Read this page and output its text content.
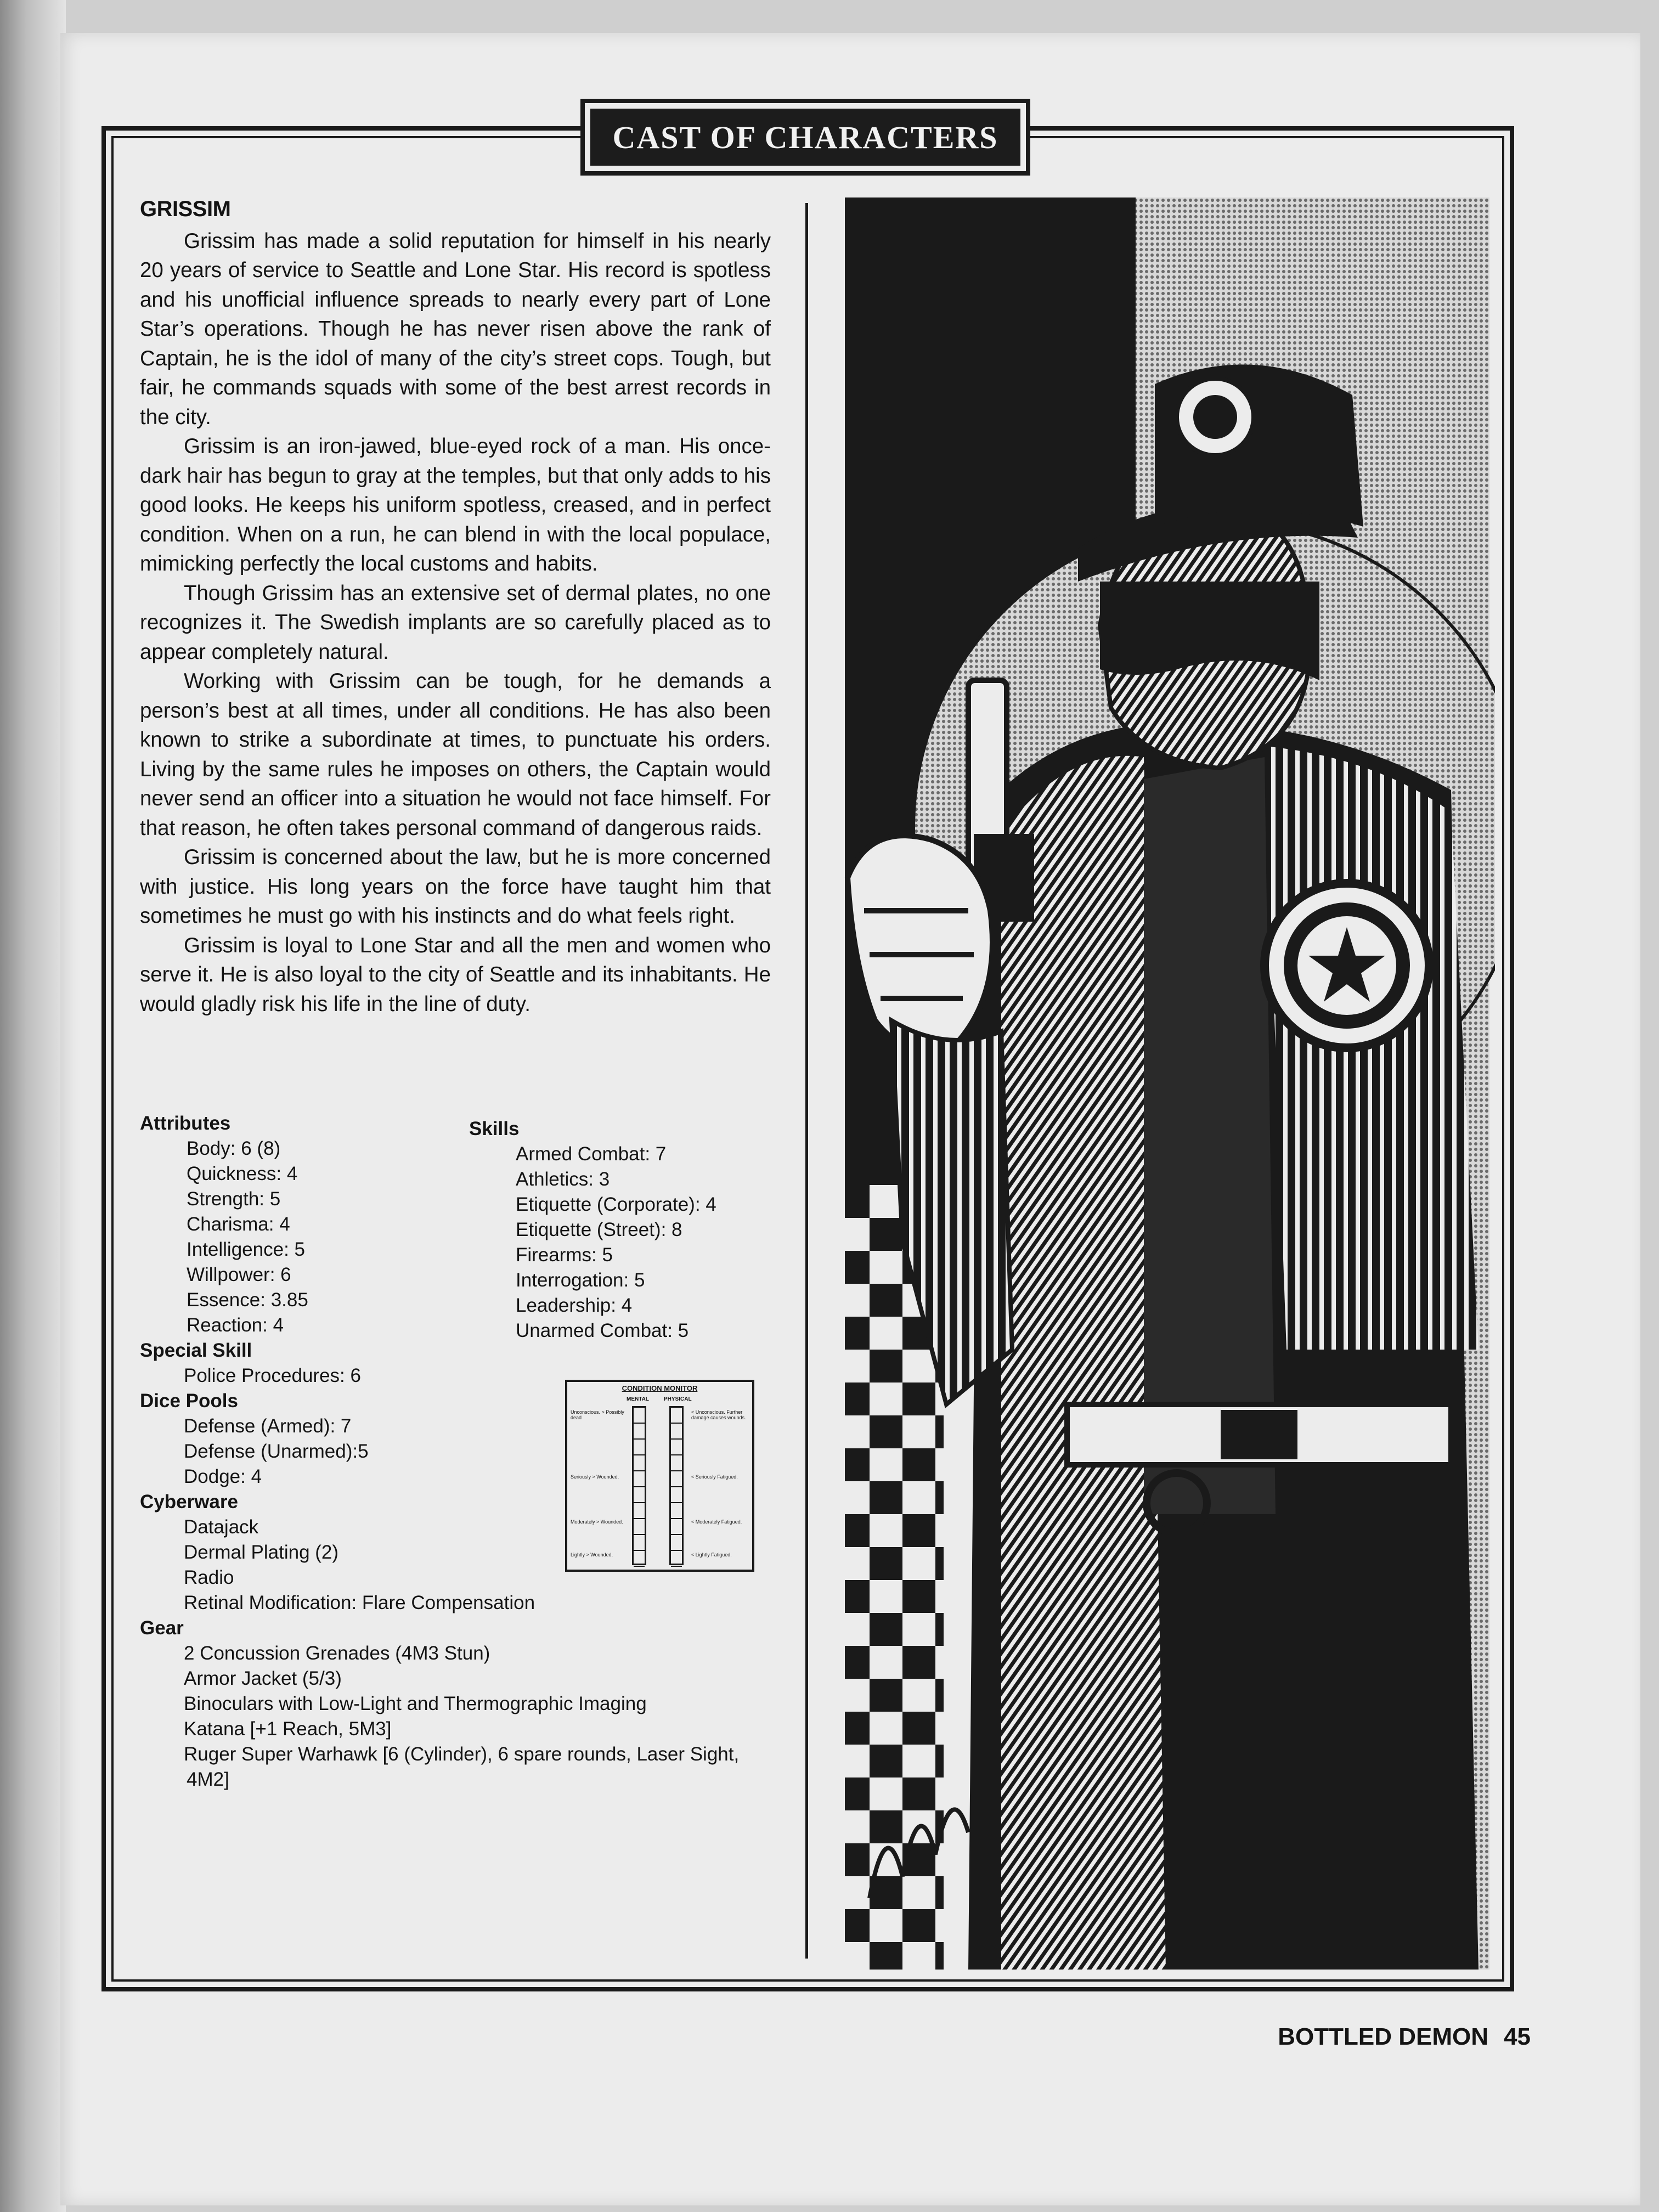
CAST OF CHARACTERS

GRISSIM

Grissim has made a solid reputation for himself in his nearly 20 years of service to Seattle and Lone Star. His record is spotless and his unofficial influence spreads to nearly every part of Lone Star’s operations. Though he has never risen above the rank of Captain, he is the idol of many of the city’s street cops. Tough, but fair, he commands squads with some of the best arrest records in the city.

Grissim is an iron-jawed, blue-eyed rock of a man. His once-dark hair has begun to gray at the temples, but that only adds to his good looks. He keeps his uniform spotless, creased, and in perfect condition. When on a run, he can blend in with the local populace, mimicking perfectly the local customs and habits.

Though Grissim has an extensive set of dermal plates, no one recognizes it. The Swedish implants are so carefully placed as to appear completely natural.

Working with Grissim can be tough, for he demands a person’s best at all times, under all conditions. He has also been known to strike a subordinate at times, to punctuate his orders. Living by the same rules he imposes on others, the Captain would never send an officer into a situation he would not face himself. For that reason, he often takes personal command of dangerous raids.

Grissim is concerned about the law, but he is more concerned with justice. His long years on the force have taught him that sometimes he must go with his instincts and do what feels right.

Grissim is loyal to Lone Star and all the men and women who serve it. He is also loyal to the city of Seattle and its inhabitants. He would gladly risk his life in the line of duty.

Attributes

Body: 6 (8)

Quickness: 4

Strength: 5

Charisma: 4

Intelligence: 5

Willpower: 6

Essence: 3.85

Reaction: 4

Special Skill

Police Procedures: 6

Dice Pools

Defense (Armed): 7

Defense (Unarmed):5

Dodge: 4

Cyberware

Datajack

Dermal Plating (2)

Radio

Retinal Modification: Flare Compensation

Gear

2 Concussion Grenades (4M3 Stun)

Armor Jacket (5/3)

Binoculars with Low-Light and Thermographic Imaging

Katana [+1 Reach, 5M3]

Ruger Super Warhawk [6 (Cylinder), 6 spare rounds, Laser Sight,

4M2]

Skills

Armed Combat: 7

Athletics: 3

Etiquette (Corporate): 4

Etiquette (Street): 8

Firearms: 5

Interrogation: 5

Leadership: 4

Unarmed Combat: 5

CONDITION MONITOR
MENTAL	PHYSICAL
Unconscious. > Possibly dead
Seriously > Wounded.
Moderately > Wounded.
Lightly > Wounded.
< Unconscious. Further damage causes wounds.
< Seriously Fatigued.
< Moderately Fatigued.
< Lightly Fatigued.
BOTTLED DEMON 45
